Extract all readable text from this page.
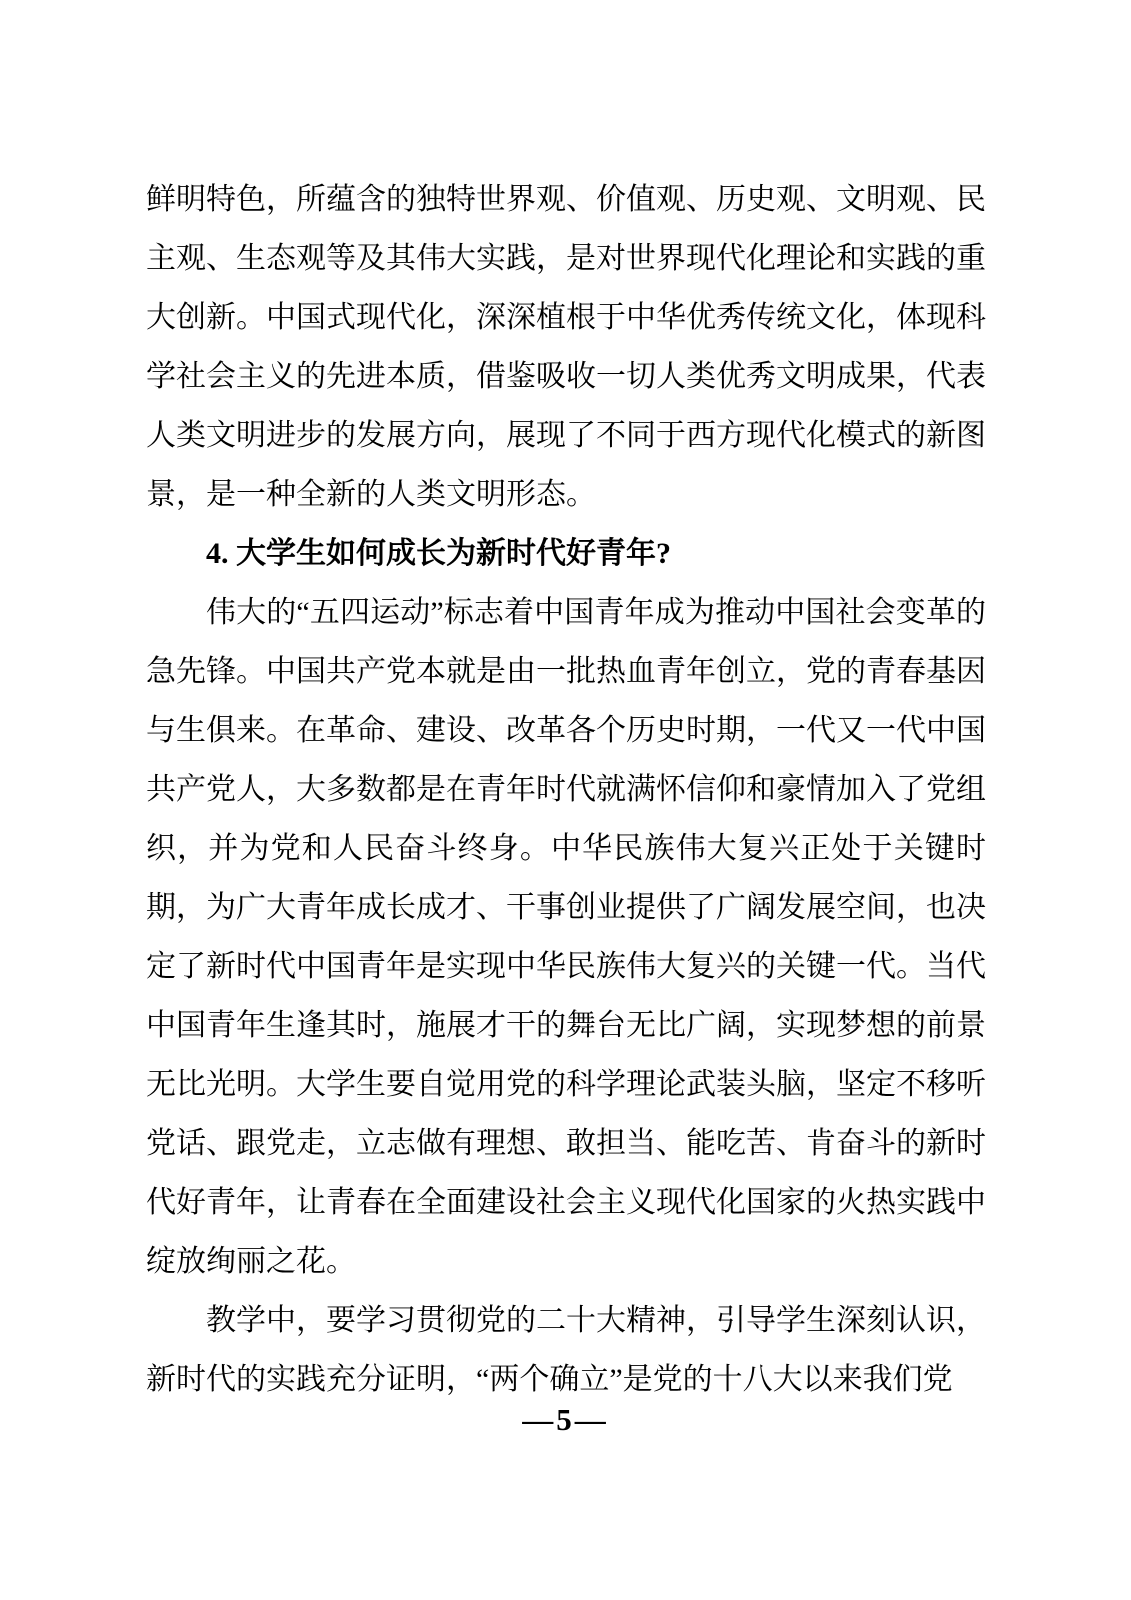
鲜明特色，所蕴含的独特世界观、价值观、历史观、文明观、民主观、生态观等及其伟大实践，是对世界现代化理论和实践的重大创新。中国式现代化，深深植根于中华优秀传统文化，体现科学社会主义的先进本质，借鉴吸收一切人类优秀文明成果，代表人类文明进步的发展方向，展现了不同于西方现代化模式的新图景，是一种全新的人类文明形态。

4. 大学生如何成长为新时代好青年?

伟大的“五四运动”标志着中国青年成为推动中国社会变革的急先锋。中国共产党本就是由一批热血青年创立，党的青春基因与生俱来。在革命、建设、改革各个历史时期，一代又一代中国共产党人，大多数都是在青年时代就满怀信仰和豪情加入了党组织，并为党和人民奋斗终身。中华民族伟大复兴正处于关键时期，为广大青年成长成才、干事创业提供了广阔发展空间，也决定了新时代中国青年是实现中华民族伟大复兴的关键一代。当代中国青年生逢其时，施展才干的舞台无比广阔，实现梦想的前景无比光明。大学生要自觉用党的科学理论武装头脑，坚定不移听党话、跟党走，立志做有理想、敢担当、能吃苦、肯奋斗的新时代好青年，让青春在全面建设社会主义现代化国家的火热实践中绽放绚丽之花。

教学中，要学习贯彻党的二十大精神，引导学生深刻认识，新时代的实践充分证明，“两个确立”是党的十八大以来我们党

—5—
